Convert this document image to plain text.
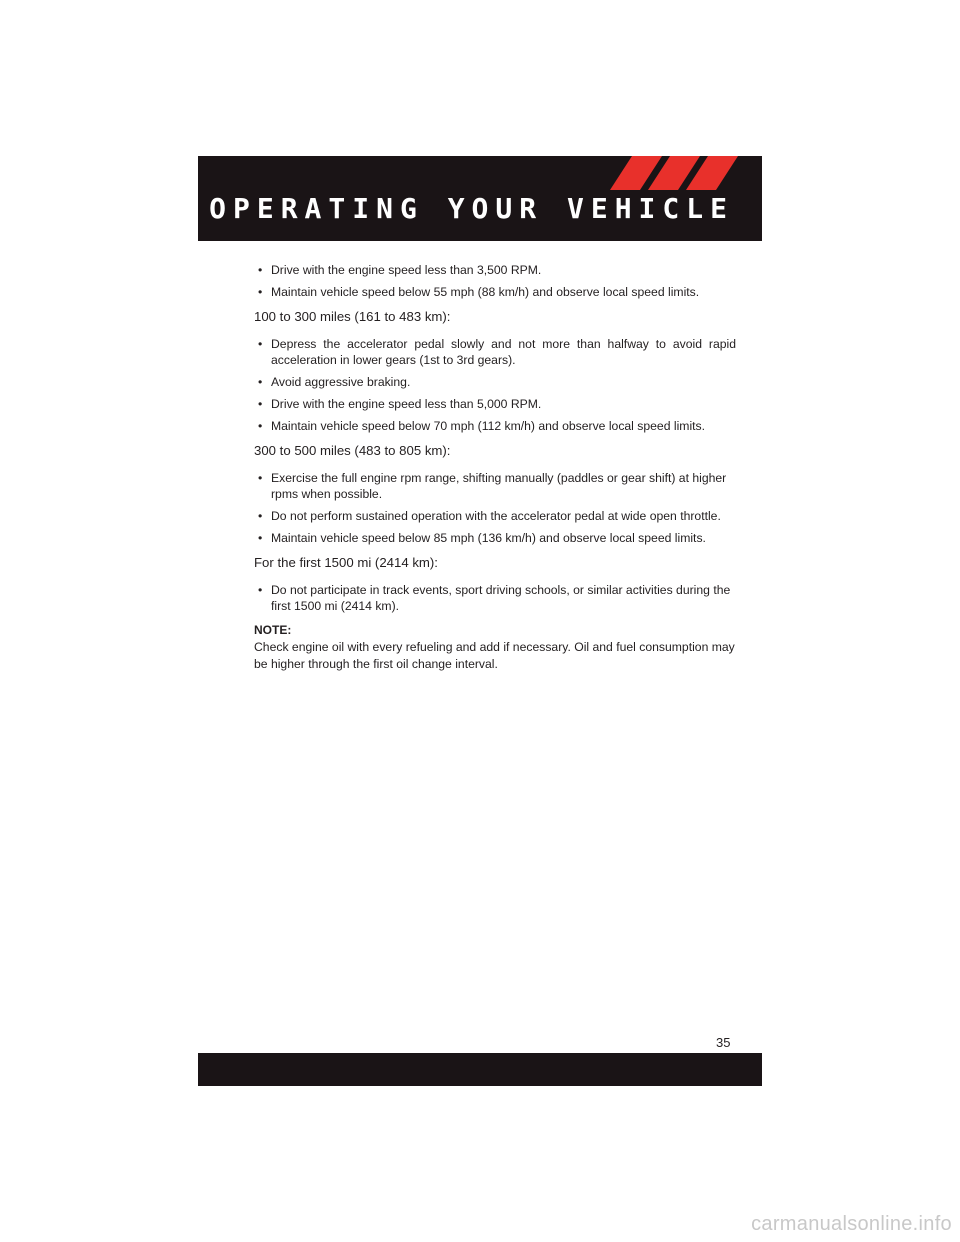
OPERATING YOUR VEHICLE

• Drive with the engine speed less than 3,500 RPM.

• Maintain vehicle speed below 55 mph (88 km/h) and observe local speed limits.

100 to 300 miles (161 to 483 km):

• Depress the accelerator pedal slowly and not more than halfway to avoid rapid acceleration in lower gears (1st to 3rd gears).

• Avoid aggressive braking.

• Drive with the engine speed less than 5,000 RPM.

• Maintain vehicle speed below 70 mph (112 km/h) and observe local speed limits.

300 to 500 miles (483 to 805 km):

• Exercise the full engine rpm range, shifting manually (paddles or gear shift) at higher rpms when possible.

• Do not perform sustained operation with the accelerator pedal at wide open throttle.

• Maintain vehicle speed below 85 mph (136 km/h) and observe local speed limits.

For the first 1500 mi (2414 km):

• Do not participate in track events, sport driving schools, or similar activities during the first 1500 mi (2414 km).

NOTE:

Check engine oil with every refueling and add if necessary. Oil and fuel consumption may be higher through the first oil change interval.

35
carmanualsonline.info
